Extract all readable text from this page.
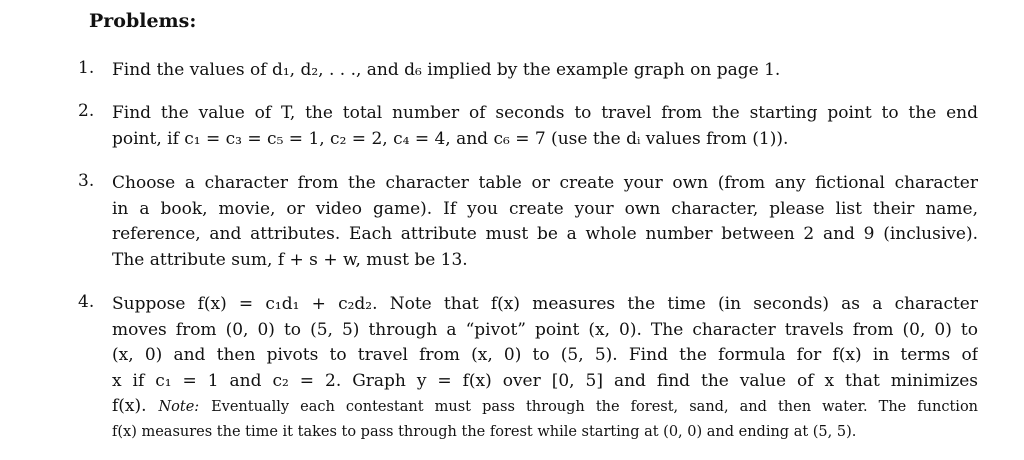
Problems:
1.	Find the values of d₁, d₂, . . ., and d₆ implied by the example graph on page 1.
2.	Find the value of T, the total number of seconds to travel from the starting point to the end
point, if c₁ = c₃ = c₅ = 1, c₂ = 2, c₄ = 4, and c₆ = 7 (use the dᵢ values from (1)).
3.	Choose a character from the character table or create your own (from any fictional character
in a book, movie, or video game). If you create your own character, please list their name,
reference, and attributes. Each attribute must be a whole number between 2 and 9 (inclusive).
The attribute sum, f + s + w, must be 13.
4.	Suppose f(x) = c₁d₁ + c₂d₂. Note that f(x) measures the time (in seconds) as a character
moves from (0, 0) to (5, 5) through a “pivot” point (x, 0). The character travels from (0, 0) to
(x, 0) and then pivots to travel from (x, 0) to (5, 5). Find the formula for f(x) in terms of
x if c₁ = 1 and c₂ = 2. Graph y = f(x) over [0, 5] and find the value of x that minimizes
f(x). Note: Eventually each contestant must pass through the forest, sand, and then water. The function
f(x) measures the time it takes to pass through the forest while starting at (0, 0) and ending at (5, 5).
